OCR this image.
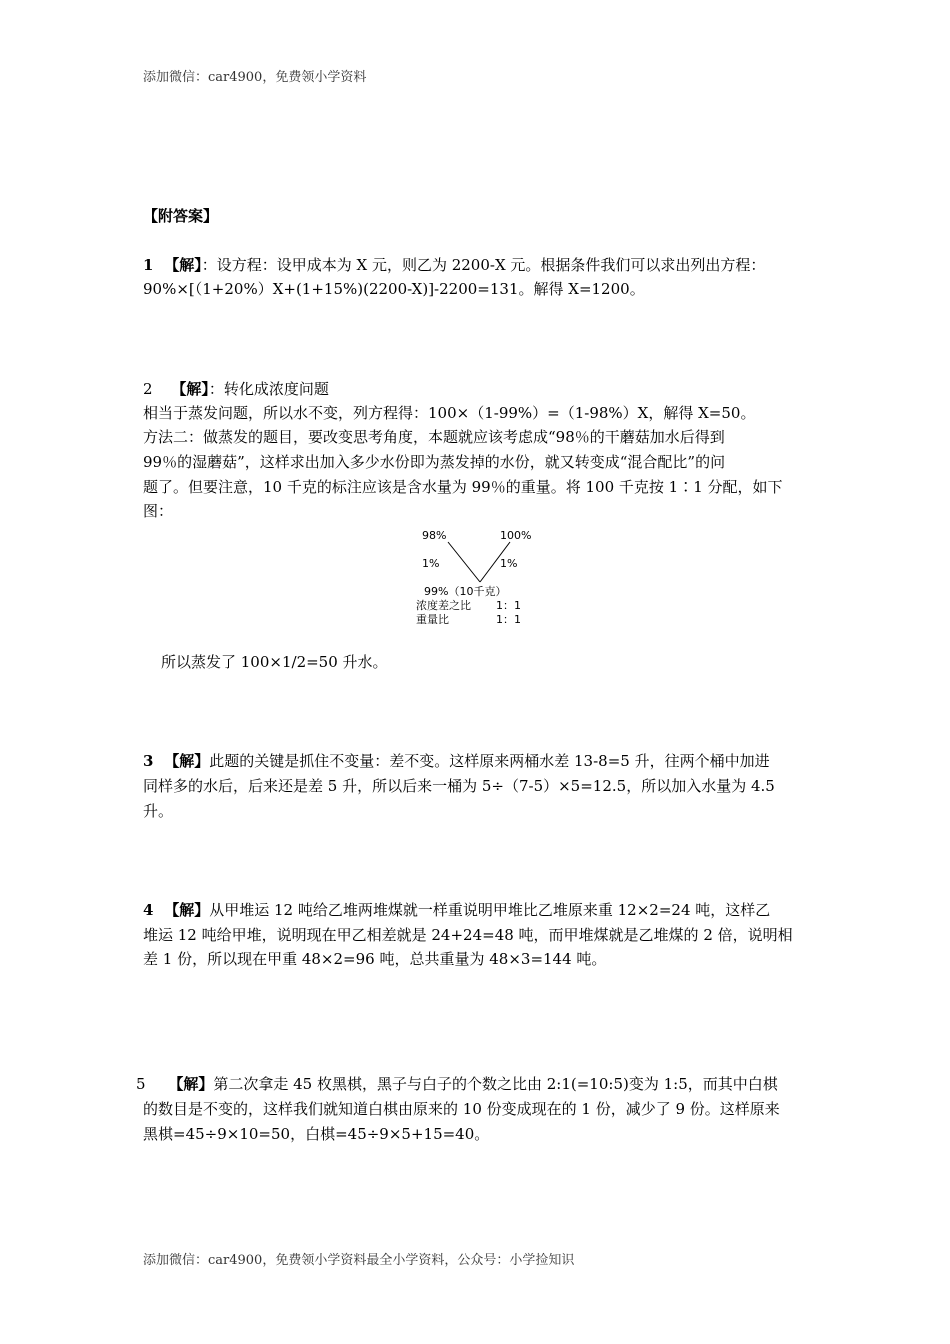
添加微信：car4900，免费领小学资料
【附答案】
1 【解】：设方程：设甲成本为 X 元，则乙为 2200-X 元。根据条件我们可以求出列出方程：
90%×[（1+20%）X+(1+15%)(2200-X)]-2200=131。解得 X=1200。
2 【解】：转化成浓度问题
相当于蒸发问题，所以水不变，列方程得：100×（1-99%）=（1-98%）X，解得 X=50。
方法二：做蒸发的题目，要改变思考角度，本题就应该考虑成“98％的干蘑菇加水后得到
99％的湿蘑菇”，这样求出加入多少水份即为蒸发掉的水份，就又转变成“混合配比”的问
题了。但要注意，10 千克的标注应该是含水量为 99％的重量。将 100 千克按 1∶1 分配，如下
图：
98%	100%
1%	1%
99%（10千克）
浓度差之比 1：1
重量比	1：1
所以蒸发了 100×1/2=50 升水。
3 【解】此题的关键是抓住不变量：差不变。这样原来两桶水差 13-8=5 升，往两个桶中加进
同样多的水后，后来还是差 5 升，所以后来一桶为 5÷（7-5）×5=12.5，所以加入水量为 4.5
升。
4 【解】从甲堆运 12 吨给乙堆两堆煤就一样重说明甲堆比乙堆原来重 12×2=24 吨，这样乙
堆运 12 吨给甲堆，说明现在甲乙相差就是 24+24=48 吨，而甲堆煤就是乙堆煤的 2 倍，说明相
差 1 份，所以现在甲重 48×2=96 吨，总共重量为 48×3=144 吨。
5 【解】第二次拿走 45 枚黑棋，黑子与白子的个数之比由 2:1(=10:5)变为 1:5，而其中白棋
的数目是不变的，这样我们就知道白棋由原来的 10 份变成现在的 1 份，减少了 9 份。这样原来
黑棋=45÷9×10=50，白棋=45÷9×5+15=40。
添加微信：car4900，免费领小学资料最全小学资料，公众号：小学捡知识
